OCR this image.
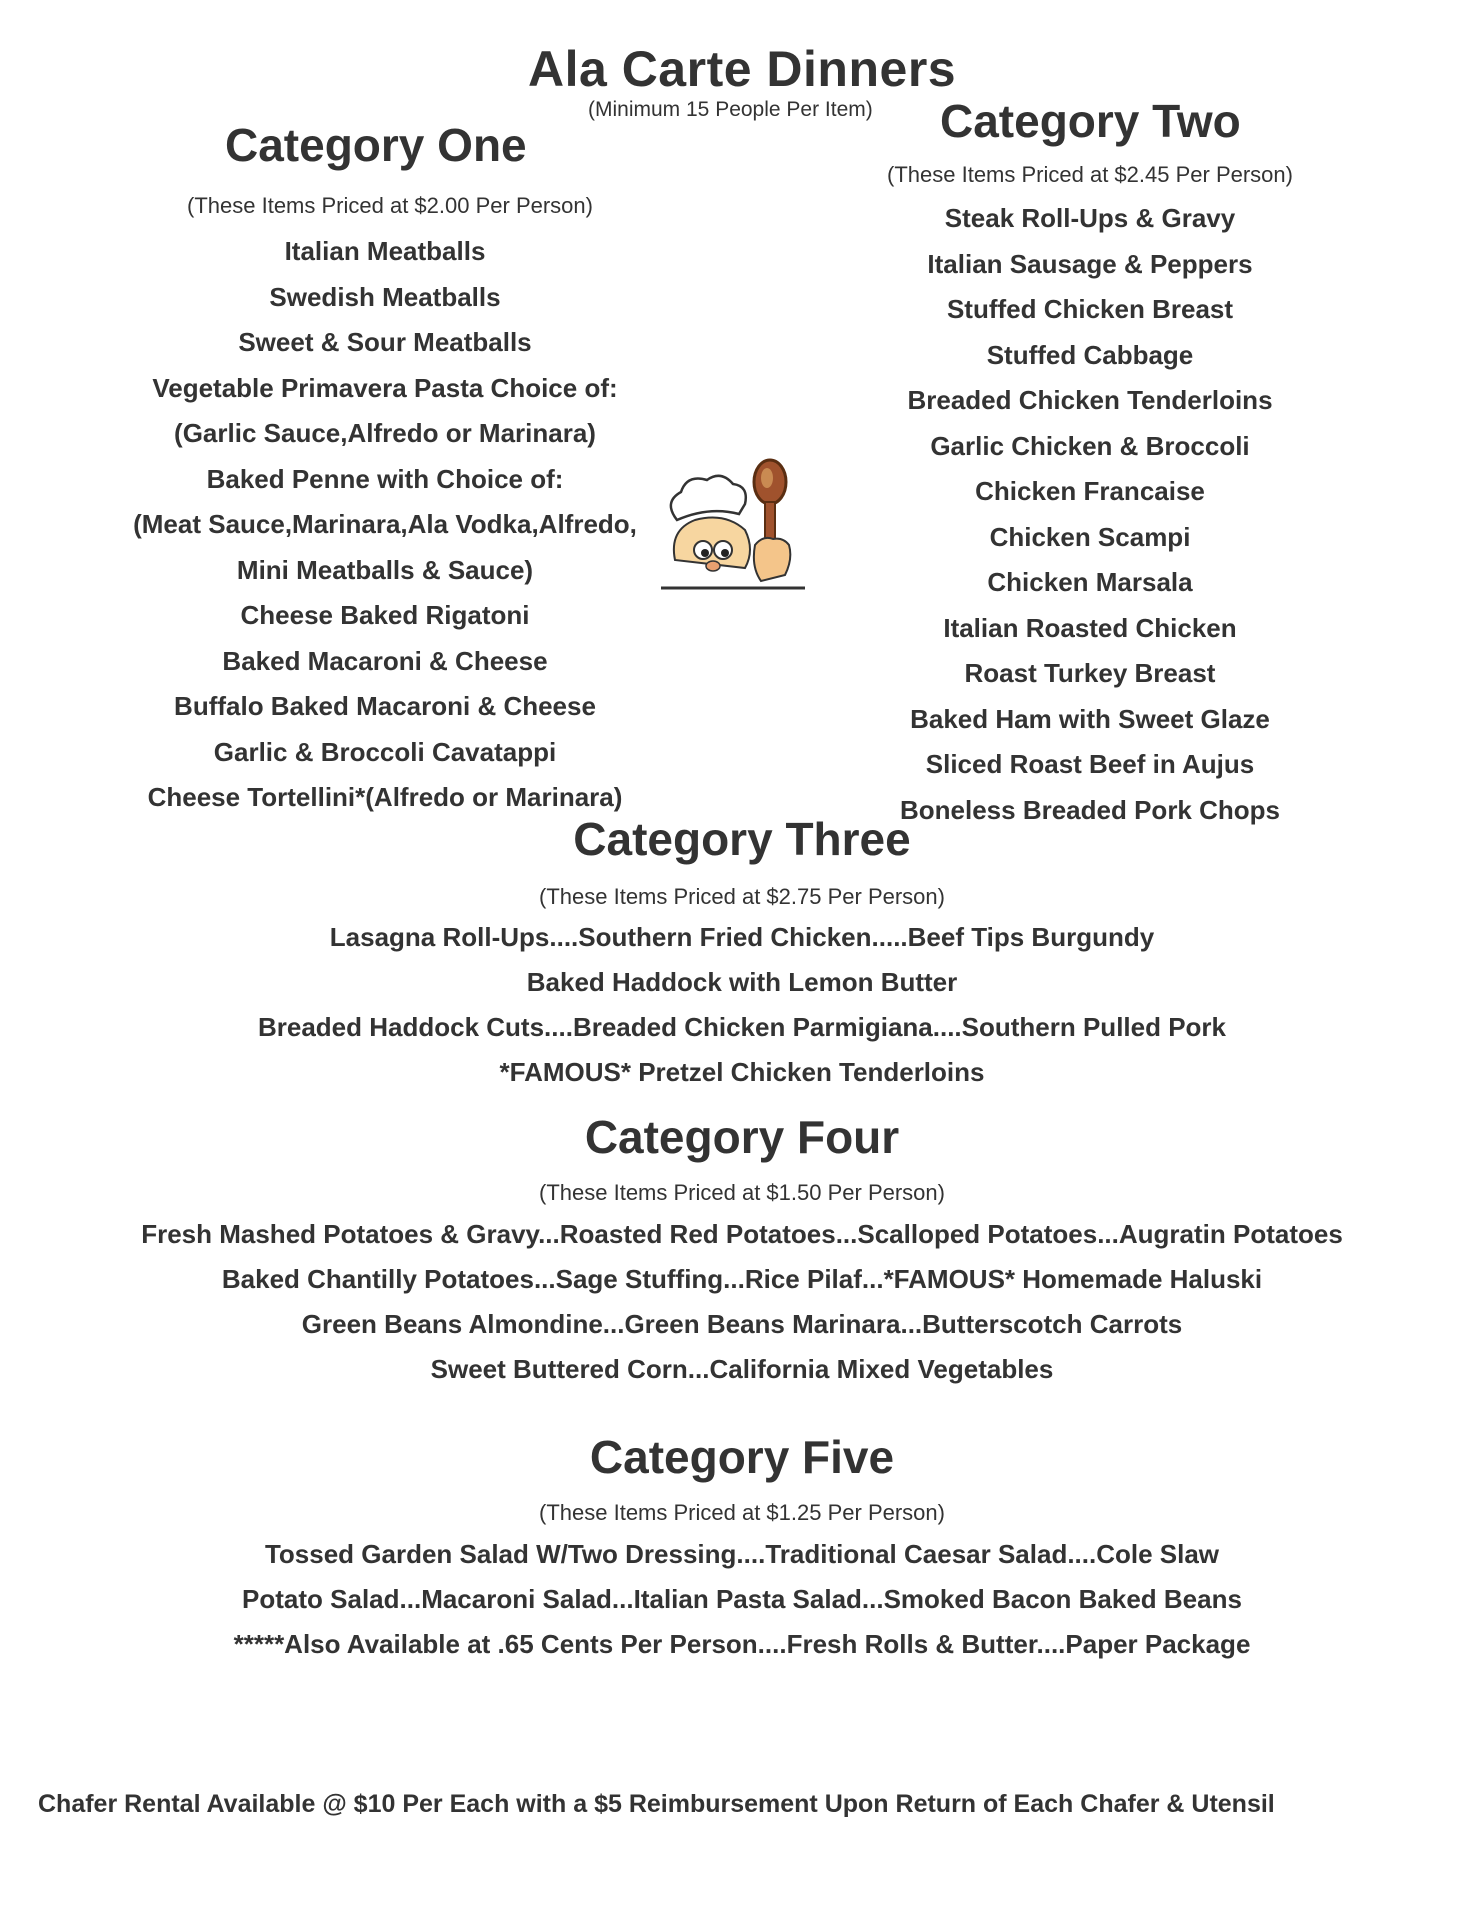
Ala Carte Dinners
(Minimum 15 People Per Item)
Category One
(These Items Priced at $2.00 Per Person)
Italian Meatballs
Swedish Meatballs
Sweet & Sour Meatballs
Vegetable Primavera Pasta Choice of:
(Garlic Sauce,Alfredo or Marinara)
Baked Penne with Choice of:
(Meat Sauce,Marinara,Ala Vodka,Alfredo,
Mini Meatballs & Sauce)
Cheese Baked Rigatoni
Baked Macaroni & Cheese
Buffalo Baked Macaroni & Cheese
Garlic & Broccoli Cavatappi
Cheese Tortellini*(Alfredo or Marinara)
Category Two
(These Items Priced at $2.45 Per Person)
Steak Roll-Ups & Gravy
Italian Sausage & Peppers
Stuffed Chicken Breast
Stuffed Cabbage
Breaded Chicken Tenderloins
Garlic Chicken & Broccoli
Chicken Francaise
Chicken Scampi
Chicken Marsala
Italian Roasted Chicken
Roast Turkey Breast
Baked Ham with Sweet Glaze
Sliced Roast Beef in Aujus
Boneless Breaded Pork Chops
Category Three
(These Items Priced at $2.75 Per Person)
Lasagna Roll-Ups....Southern Fried Chicken.....Beef Tips Burgundy
Baked Haddock with Lemon Butter
Breaded Haddock Cuts....Breaded Chicken Parmigiana....Southern Pulled Pork
*FAMOUS* Pretzel Chicken Tenderloins
Category Four
(These Items Priced at $1.50 Per Person)
Fresh Mashed Potatoes & Gravy...Roasted Red Potatoes...Scalloped Potatoes...Augratin Potatoes
Baked Chantilly Potatoes...Sage Stuffing...Rice Pilaf...*FAMOUS* Homemade Haluski
Green Beans Almondine...Green Beans Marinara...Butterscotch Carrots
Sweet Buttered Corn...California Mixed Vegetables
Category Five
(These Items Priced at $1.25 Per Person)
Tossed Garden Salad W/Two Dressing....Traditional Caesar Salad....Cole Slaw
Potato Salad...Macaroni Salad...Italian Pasta Salad...Smoked Bacon Baked Beans
*****Also Available at .65 Cents Per Person....Fresh Rolls & Butter....Paper Package
Chafer Rental Available @ $10 Per Each with a $5 Reimbursement Upon Return of Each Chafer & Utensil
